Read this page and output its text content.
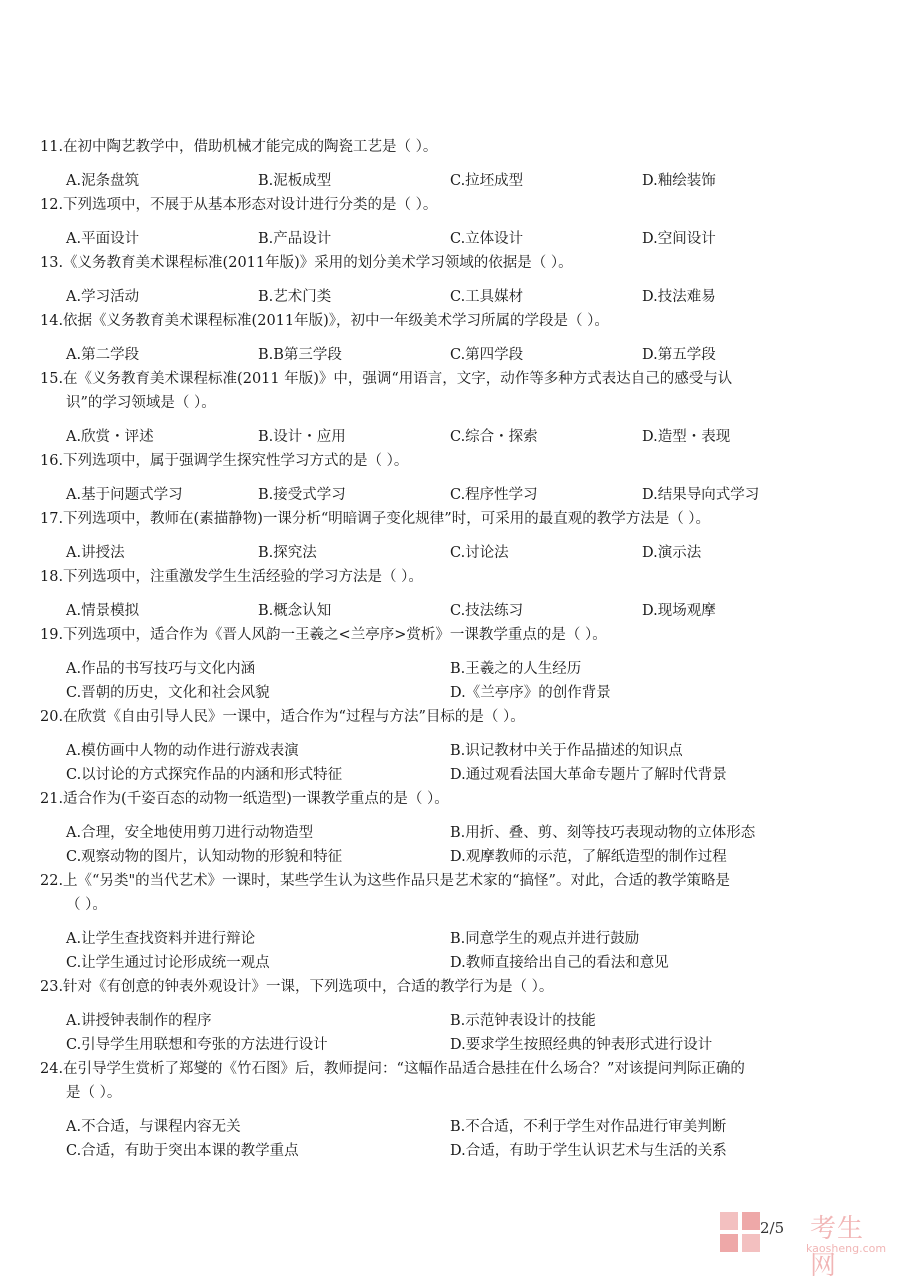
11.在初中陶艺教学中，借助机械才能完成的陶瓷工艺是（ ）。
A.泥条盘筑	B.泥板成型	C.拉坯成型	D.釉绘装饰
12.下列选项中，不展于从基本形态对设计进行分类的是（ ）。
A.平面设计	B.产品设计	C.立体设计	D.空间设计
13.《义务教育美术课程标准(2011年版)》采用的划分美术学习领域的依据是（ ）。
A.学习活动	B.艺术门类	C.工具媒材	D.技法难易
14.依据《义务教育美术课程标准(2011年版)》，初中一年级美术学习所属的学段是（ ）。
A.第二学段	B.B第三学段	C.第四学段	D.第五学段
15.在《义务教育美术课程标准(2011 年版)》中，强调“用语言，文字，动作等多种方式表达自己的感受与认
识”的学习领域是（ ）。
A.欣赏・评述	B.设计・应用	C.综合・探索	D.造型・表现
16.下列选项中，属于强调学生探究性学习方式的是（ ）。
A.基于问题式学习	B.接受式学习	C.程序性学习	D.结果导向式学习
17.下列选项中，教师在(素描静物)一课分析“明暗调子变化规律”时，可采用的最直观的教学方法是（ ）。
A.讲授法	B.探究法	C.讨论法	D.演示法
18.下列选项中，注重激发学生生活经验的学习方法是（ ）。
A.情景模拟	B.概念认知	C.技法练习	D.现场观摩
19.下列选项中，适合作为《晋人风韵一王羲之<兰亭序>赏析》一课教学重点的是（ ）。
A.作品的书写技巧与文化内涵	B.王羲之的人生经历
C.晋朝的历史，文化和社会风貌	D.《兰亭序》的创作背景
20.在欣赏《自由引导人民》一课中，适合作为“过程与方法”目标的是（ ）。
A.模仿画中人物的动作进行游戏表演	B.识记教材中关于作品描述的知识点
C.以讨论的方式探究作品的内涵和形式特征	D.通过观看法国大革命专题片了解时代背景
21.适合作为(千姿百态的动物一纸造型)一课教学重点的是（ ）。
A.合理，安全地使用剪刀进行动物造型	B.用折、叠、剪、刻等技巧表现动物的立体形态
C.观察动物的图片，认知动物的形貌和特征	D.观摩教师的示范，了解纸造型的制作过程
22.上《“另类"的当代艺术》一课时，某些学生认为这些作品只是艺术家的“搞怪”。对此，合适的教学策略是
（ ）。
A.让学生查找资料并进行辩论	B.同意学生的观点并进行鼓励
C.让学生通过讨论形成统一观点	D.教师直接给出自己的看法和意见
23.针对《有创意的钟表外观设计》一课，下列选项中，合适的教学行为是（ ）。
A.讲授钟表制作的程序	B.示范钟表设计的技能
C.引导学生用联想和夸张的方法进行设计	D.要求学生按照经典的钟表形式进行设计
24.在引导学生赏析了郑燮的《竹石图》后，教师提问：“这幅作品适合悬挂在什么场合？”对该提问判际正确的
是（ ）。
A.不合适，与课程内容无关	B.不合适，不利于学生对作品进行审美判断
C.合适，有助于突出本课的教学重点	D.合适，有助于学生认识艺术与生活的关系
2/5 考生网
kaosheng.com
